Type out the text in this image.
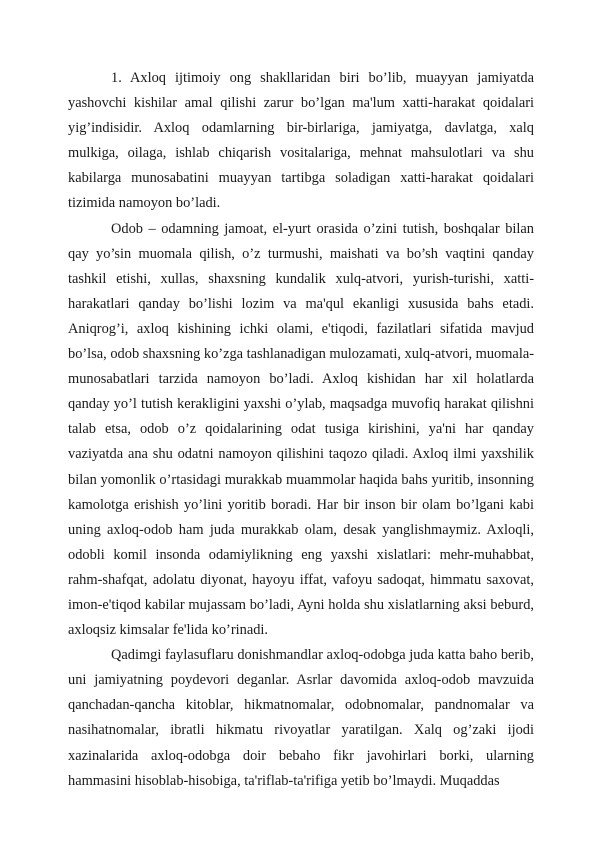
1. Axloq ijtimoiy ong shakllaridan biri bo’lib, muayyan jamiyatda yashovchi kishilar amal qilishi zarur bo’lgan ma'lum xatti-harakat qoidalari yig’indisidir. Axloq odamlarning bir-birlariga, jamiyatga, davlatga, xalq mulkiga, oilaga, ishlab chiqarish vositalariga, mehnat mahsulotlari va shu kabilarga munosabatini muayyan tartibga soladigan xatti-harakat qoidalari tizimida namoyon bo’ladi.

Odob – odamning jamoat, el-yurt orasida o’zini tutish, boshqalar bilan qay yo’sin muomala qilish, o’z turmushi, maishati va bo’sh vaqtini qanday tashkil etishi, xullas, shaxsning kundalik xulq-atvori, yurish-turishi, xatti-harakatlari qanday bo’lishi lozim va ma'qul ekanligi xususida bahs etadi. Aniqrog’i, axloq kishining ichki olami, e'tiqodi, fazilatlari sifatida mavjud bo’lsa, odob shaxsning ko’zga tashlanadigan mulozamati, xulq-atvori, muomala-munosabatlari tarzida namoyon bo’ladi. Axloq kishidan har xil holatlarda qanday yo’l tutish kerakligini yaxshi o’ylab, maqsadga muvofiq harakat qilishni talab etsa, odob o’z qoidalarining odat tusiga kirishini, ya'ni har qanday vaziyatda ana shu odatni namoyon qilishini taqozo qiladi. Axloq ilmi yaxshilik bilan yomonlik o’rtasidagi murakkab muammolar haqida bahs yuritib, insonning kamolotga erishish yo’lini yoritib boradi. Har bir inson bir olam bo’lgani kabi uning axloq-odob ham juda murakkab olam, desak yanglishmaymiz. Axloqli, odobli komil insonda odamiylikning eng yaxshi xislatlari: mehr-muhabbat, rahm-shafqat, adolatu diyonat, hayoyu iffat, vafoyu sadoqat, himmatu saxovat, imon-e'tiqod kabilar mujassam bo’ladi, Ayni holda shu xislatlarning aksi beburd, axloqsiz kimsalar fe'lida ko’rinadi.

Qadimgi faylasuflaru donishmandlar axloq-odobga juda katta baho berib, uni jamiyatning poydevori deganlar. Asrlar davomida axloq-odob mavzuida qanchadan-qancha kitoblar, hikmatnomalar, odobnomalar, pandnomalar va nasihatnomalar, ibratli hikmatu rivoyatlar yaratilgan. Xalq og’zaki ijodi xazinalarida axloq-odobga doir bebaho fikr javohirlari borki, ularning hammasini hisoblab-hisobiga, ta'riflab-ta'rifiga yetib bo’lmaydi. Muqaddas
